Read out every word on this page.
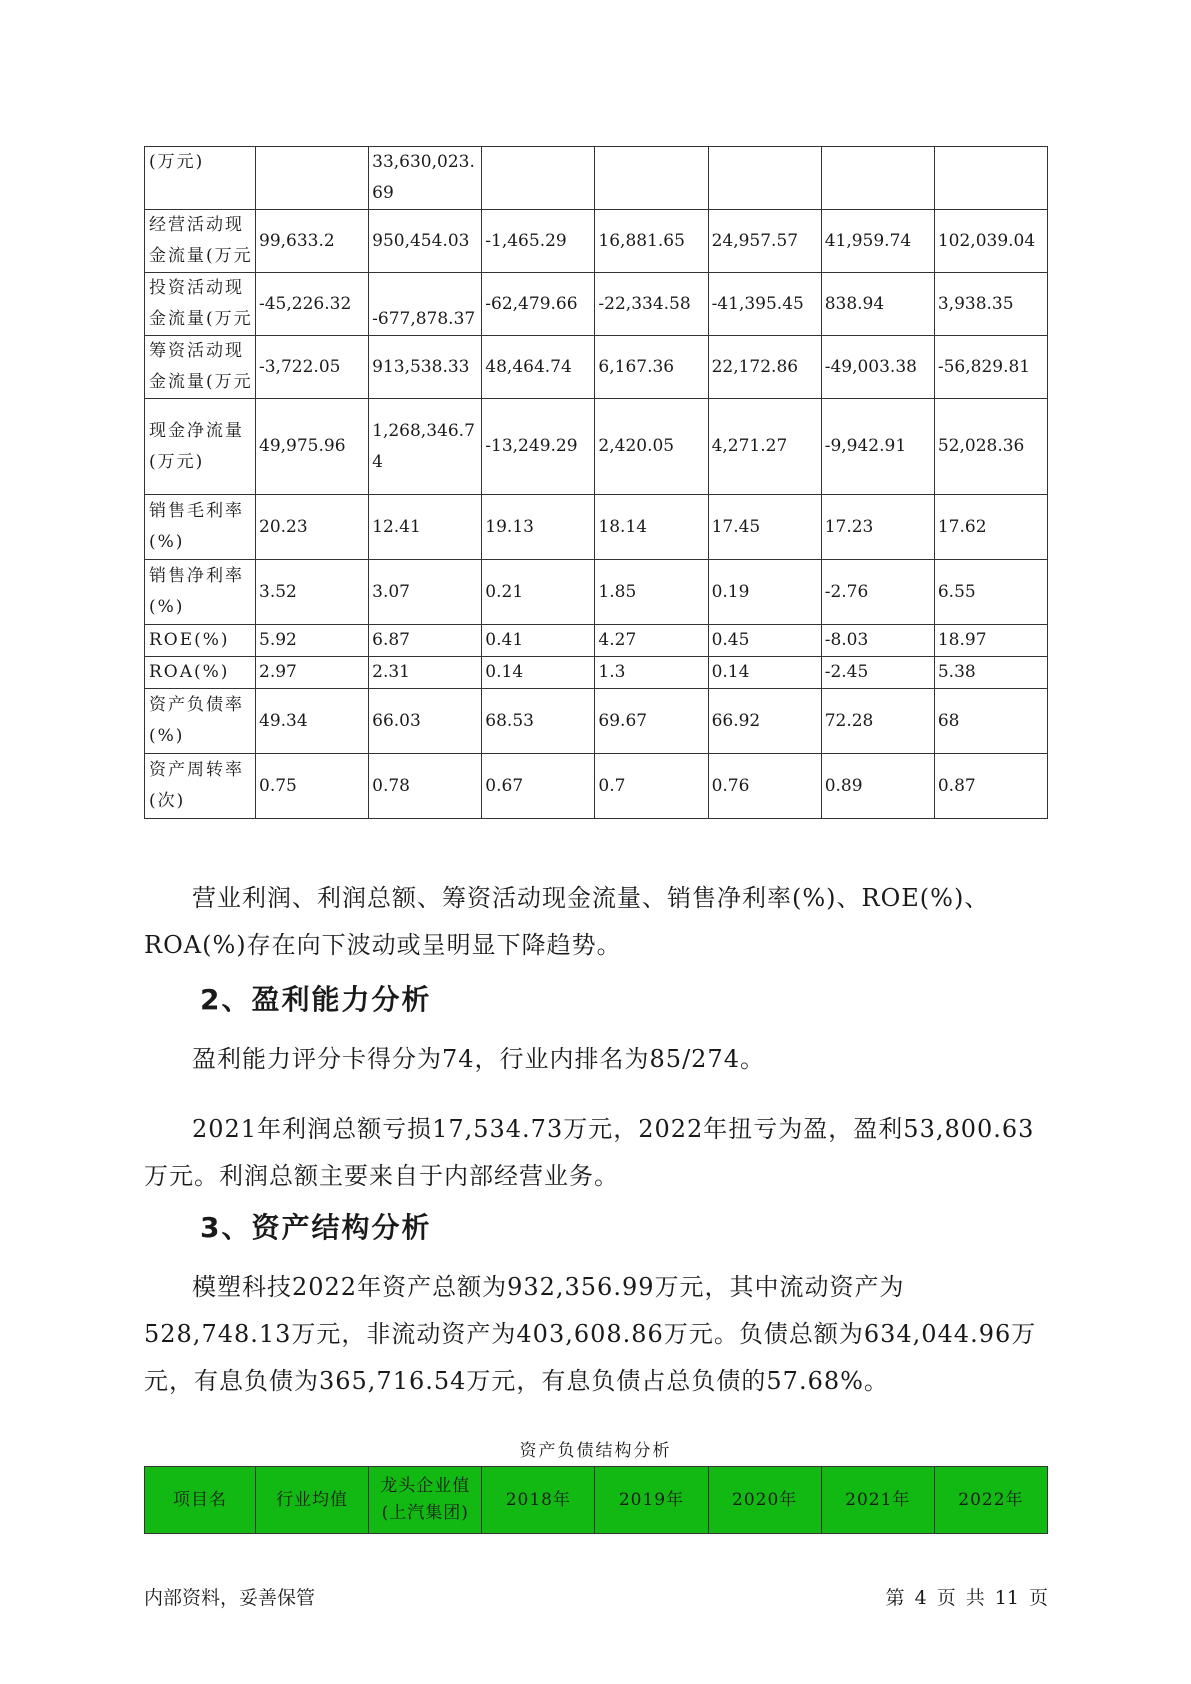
(万元)		33,630,023.69					
经营活动现金流量(万元	99,633.2	950,454.03	-1,465.29	16,881.65	24,957.57	41,959.74	102,039.04
投资活动现金流量(万元	-45,226.32	-677,878.37	-62,479.66	-22,334.58	-41,395.45	838.94	3,938.35
筹资活动现金流量(万元	-3,722.05	913,538.33	48,464.74	6,167.36	22,172.86	-49,003.38	-56,829.81
现金净流量(万元)	49,975.96	1,268,346.74	-13,249.29	2,420.05	4,271.27	-9,942.91	52,028.36
销售毛利率(%)	20.23	12.41	19.13	18.14	17.45	17.23	17.62
销售净利率(%)	3.52	3.07	0.21	1.85	0.19	-2.76	6.55
ROE(%)	5.92	6.87	0.41	4.27	0.45	-8.03	18.97
ROA(%)	2.97	2.31	0.14	1.3	0.14	-2.45	5.38
资产负债率(%)	49.34	66.03	68.53	69.67	66.92	72.28	68
资产周转率(次)	0.75	0.78	0.67	0.7	0.76	0.89	0.87

营业利润、利润总额、筹资活动现金流量、销售净利率(%)、ROE(%)、ROA(%)存在向下波动或呈明显下降趋势。

2、盈利能力分析

盈利能力评分卡得分为74，行业内排名为85/274。

2021年利润总额亏损17,534.73万元，2022年扭亏为盈，盈利53,800.63万元。利润总额主要来自于内部经营业务。

3、资产结构分析

模塑科技2022年资产总额为932,356.99万元，其中流动资产为528,748.13万元，非流动资产为403,608.86万元。负债总额为634,044.96万元，有息负债为365,716.54万元，有息负债占总负债的57.68%。

资产负债结构分析
项目名	行业均值	龙头企业值(上汽集团)	2018年	2019年	2020年	2021年	2022年
内部资料，妥善保管	第 4 页 共 11 页
